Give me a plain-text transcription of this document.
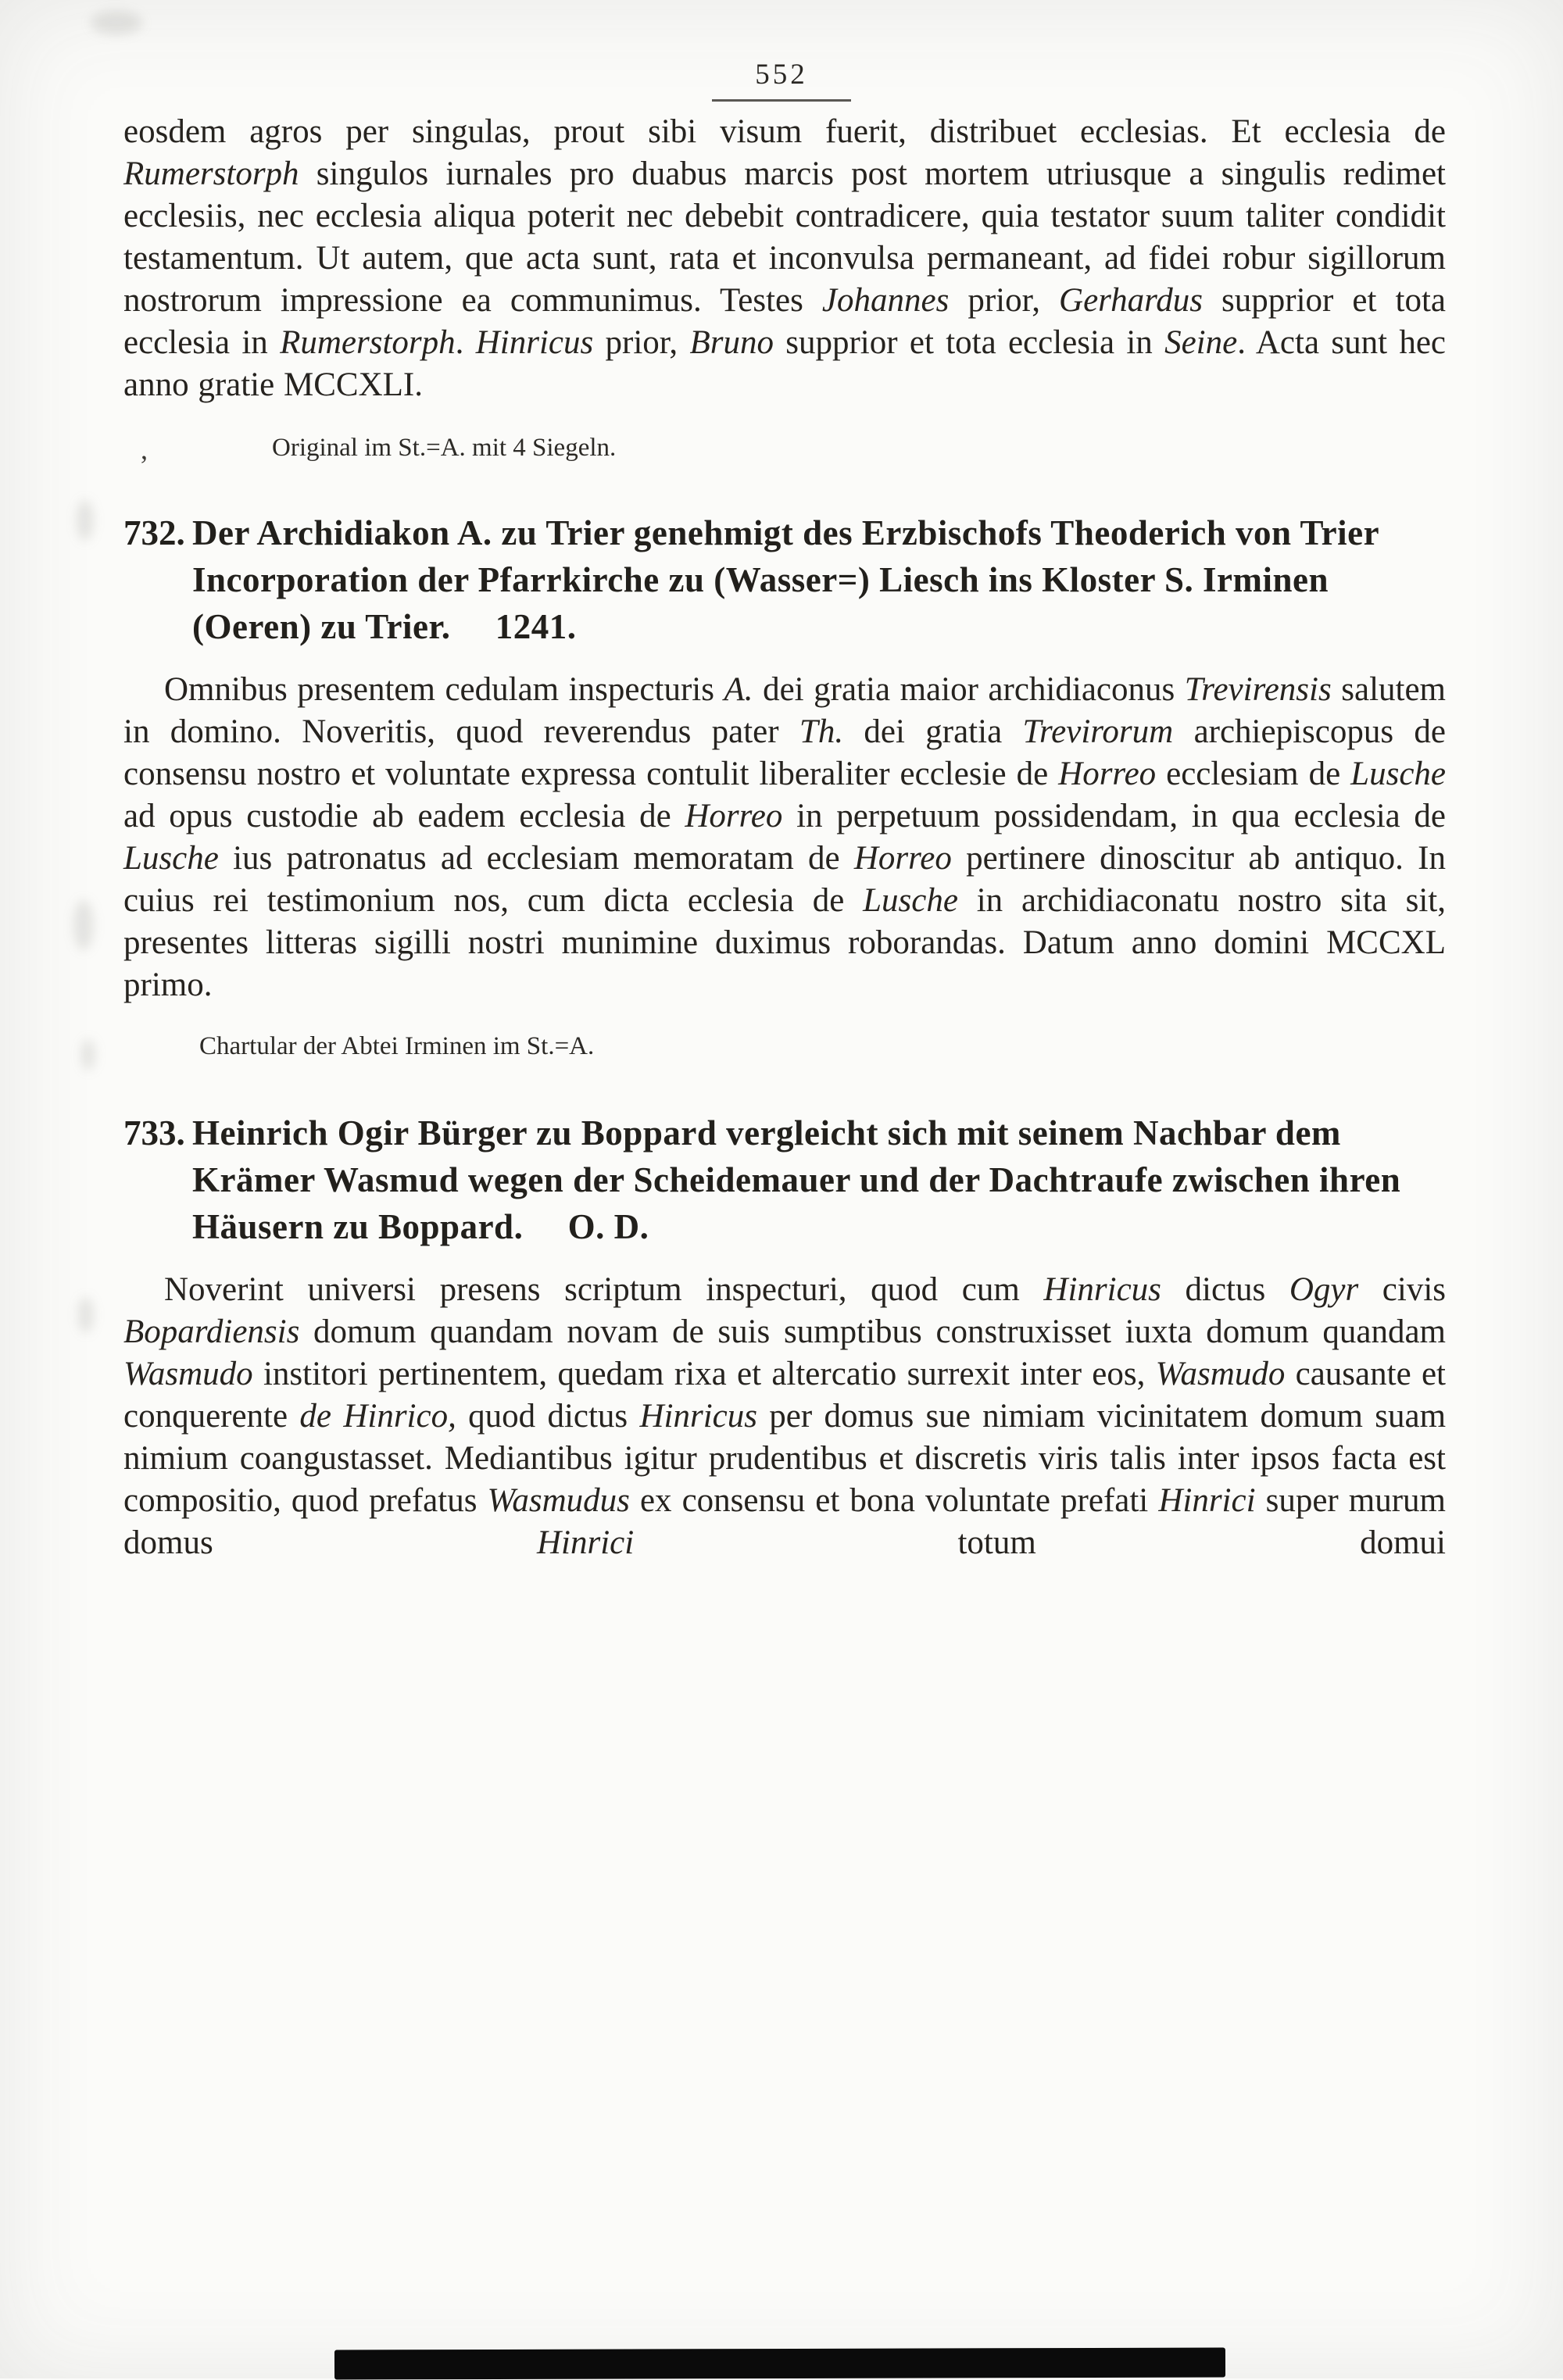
552

eosdem agros per singulas, prout sibi visum fuerit, distribuet ecclesias. Et ecclesia de Rumerstorph singulos iurnales pro duabus marcis post mortem utriusque a singulis redimet ecclesiis, nec ecclesia aliqua poterit nec debebit contradicere, quia testator suum taliter condidit testamentum. Ut autem, que acta sunt, rata et inconvulsa permaneant, ad fidei robur sigillorum nostrorum impressione ea communimus. Testes Johannes prior, Gerhardus supprior et tota ecclesia in Rumerstorph. Hinricus prior, Bruno supprior et tota ecclesia in Seine. Acta sunt hec anno gratie MCCXLI.

,	Original im St.=A. mit 4 Siegeln.
732. Der Archidiakon A. zu Trier genehmigt des Erzbischofs Theoderich von Trier Incorporation der Pfarrkirche zu (Wasser=) Liesch ins Kloster S. Irminen (Oeren) zu Trier.  1241.

Omnibus presentem cedulam inspecturis A. dei gratia maior archidiaconus Trevirensis salutem in domino. Noveritis, quod reverendus pater Th. dei gratia Trevirorum archiepiscopus de consensu nostro et voluntate expressa contulit liberaliter ecclesie de Horreo ecclesiam de Lusche ad opus custodie ab eadem ecclesia de Horreo in perpetuum possidendam, in qua ecclesia de Lusche ius patronatus ad ecclesiam memoratam de Horreo pertinere dinoscitur ab antiquo. In cuius rei testimonium nos, cum dicta ecclesia de Lusche in archidiaconatu nostro sita sit, presentes litteras sigilli nostri munimine duximus roborandas. Datum anno domini MCCXL primo.

Chartular der Abtei Irminen im St.=A.
733. Heinrich Ogir Bürger zu Boppard vergleicht sich mit seinem Nachbar dem Krämer Wasmud wegen der Scheidemauer und der Dachtraufe zwischen ihren Häusern zu Boppard.  O. D.

Noverint universi presens scriptum inspecturi, quod cum Hinricus dictus Ogyr civis Bopardiensis domum quandam novam de suis sumptibus construxisset iuxta domum quandam Wasmudo institori pertinentem, quedam rixa et altercatio surrexit inter eos, Wasmudo causante et conquerente de Hinrico, quod dictus Hinricus per domus sue nimiam vicinitatem domum suam nimium coangustasset. Mediantibus igitur prudentibus et discretis viris talis inter ipsos facta est compositio, quod prefatus Wasmudus ex consensu et bona voluntate prefati Hinrici super murum domus Hinrici totum domui
